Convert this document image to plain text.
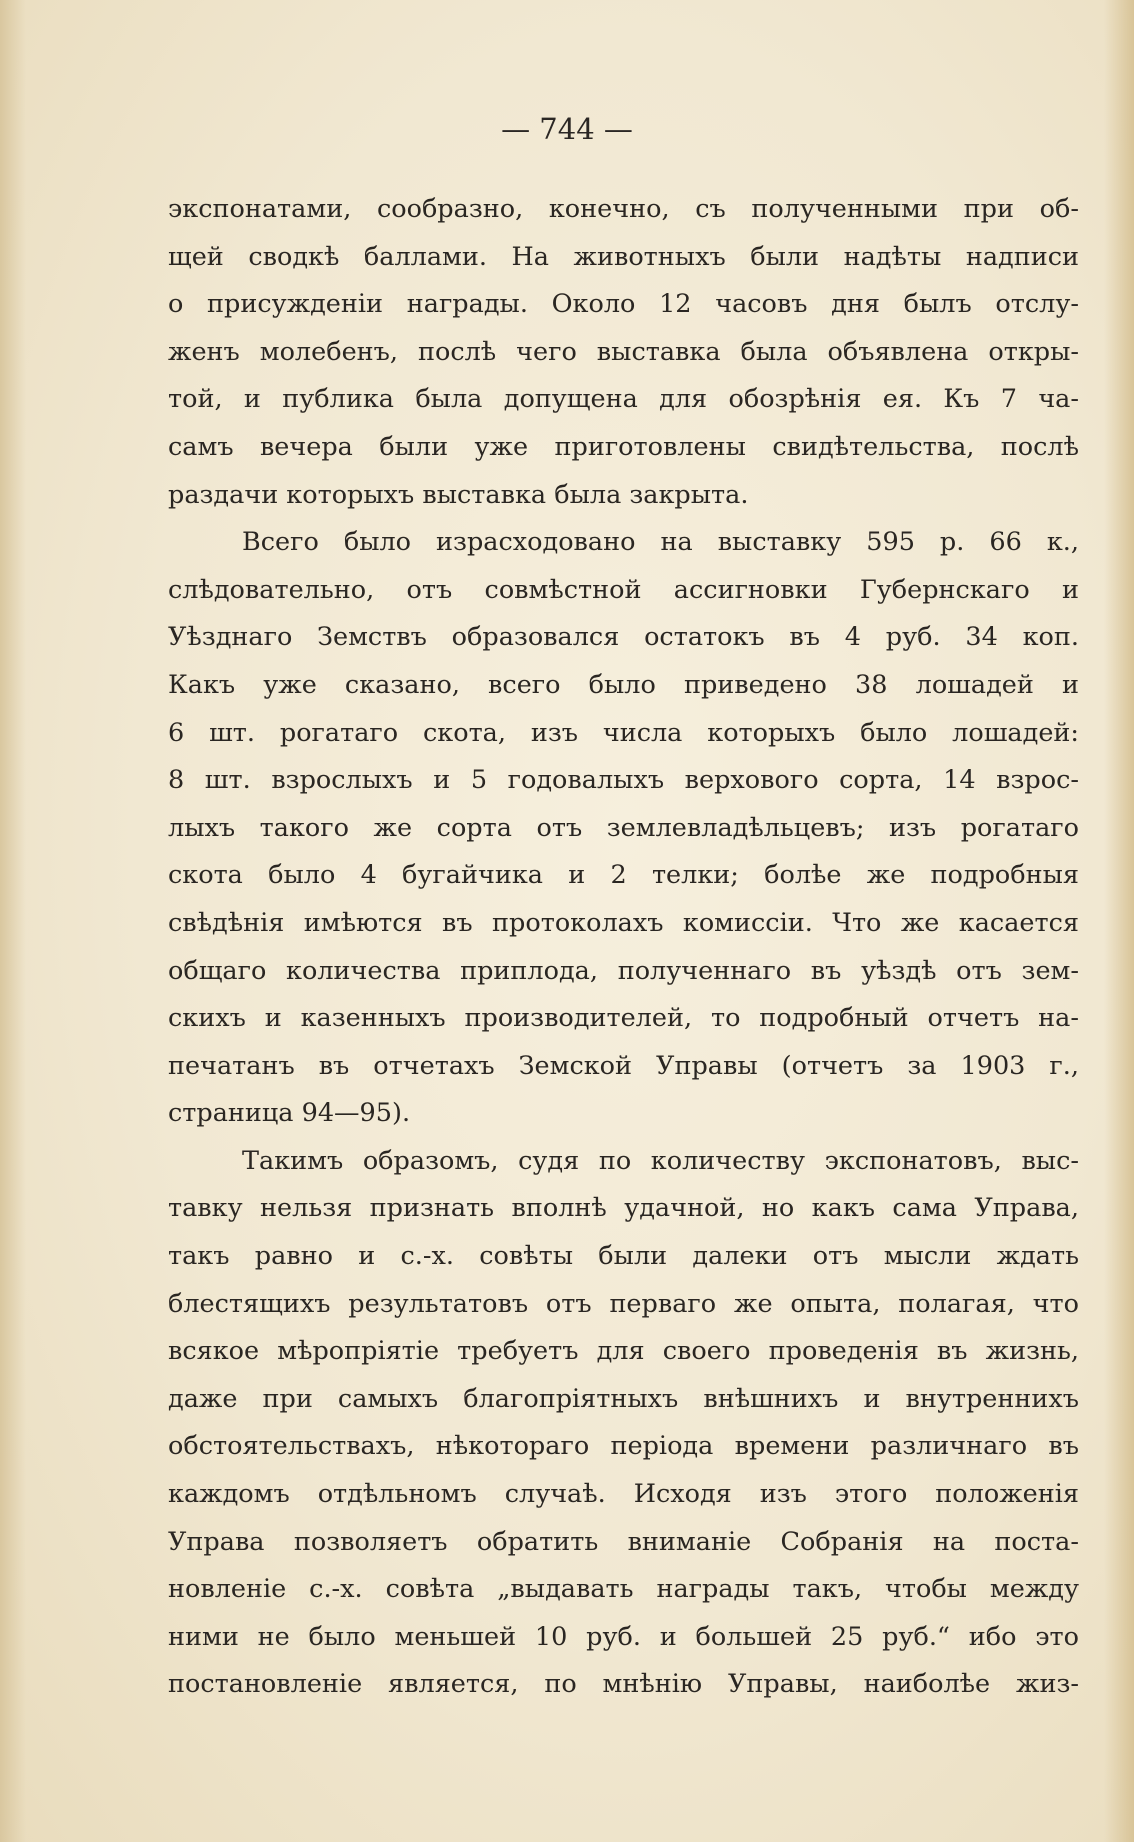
— 744 —
экспонатами, сообразно, конечно, съ полученными при об-
щей сводкѣ баллами. На животныхъ были надѣты надписи
о присужденiи награды. Около 12 часовъ дня былъ отслу-
женъ молебенъ, послѣ чего выставка была объявлена откры-
той, и публика была допущена для обозрѣнiя ея. Къ 7 ча-
самъ вечера были уже приготовлены свидѣтельства, послѣ
раздачи которыхъ выставка была закрыта.
Всего было израсходовано на выставку 595 р. 66 к.,
слѣдовательно, отъ совмѣстной ассигновки Губернскаго и
Уѣзднаго Земствъ образовался остатокъ въ 4 руб. 34 коп.
Какъ уже сказано, всего было приведено 38 лошадей и
6 шт. рогатаго скота, изъ числа которыхъ было лошадей:
8 шт. взрослыхъ и 5 годовалыхъ верхового сорта, 14 взрос-
лыхъ такого же сорта отъ землевладѣльцевъ; изъ рогатаго
скота было 4 бугайчика и 2 телки; болѣе же подробныя
свѣдѣнiя имѣются въ протоколахъ комиссiи. Что же касается
общаго количества приплода, полученнаго въ уѣздѣ отъ зем-
скихъ и казенныхъ производителей, то подробный отчетъ на-
печатанъ въ отчетахъ Земской Управы (отчетъ за 1903 г.,
страница 94—95).
Такимъ образомъ, судя по количеству экспонатовъ, выс-
тавку нельзя признать вполнѣ удачной, но какъ сама Управа,
такъ равно и с.-х. совѣты были далеки отъ мысли ждать
блестящихъ результатовъ отъ перваго же опыта, полагая, что
всякое мѣропрiятiе требуетъ для своего проведенiя въ жизнь,
даже при самыхъ благопрiятныхъ внѣшнихъ и внутреннихъ
обстоятельствахъ, нѣкотораго перiода времени различнаго въ
каждомъ отдѣльномъ случаѣ. Исходя изъ этого положенiя
Управа позволяетъ обратить вниманiе Собранiя на поста-
новленiе с.-х. совѣта „выдавать награды такъ, чтобы между
ними не было меньшей 10 руб. и большей 25 руб.“ ибо это
постановленiе является, по мнѣнiю Управы, наиболѣе жиз-
